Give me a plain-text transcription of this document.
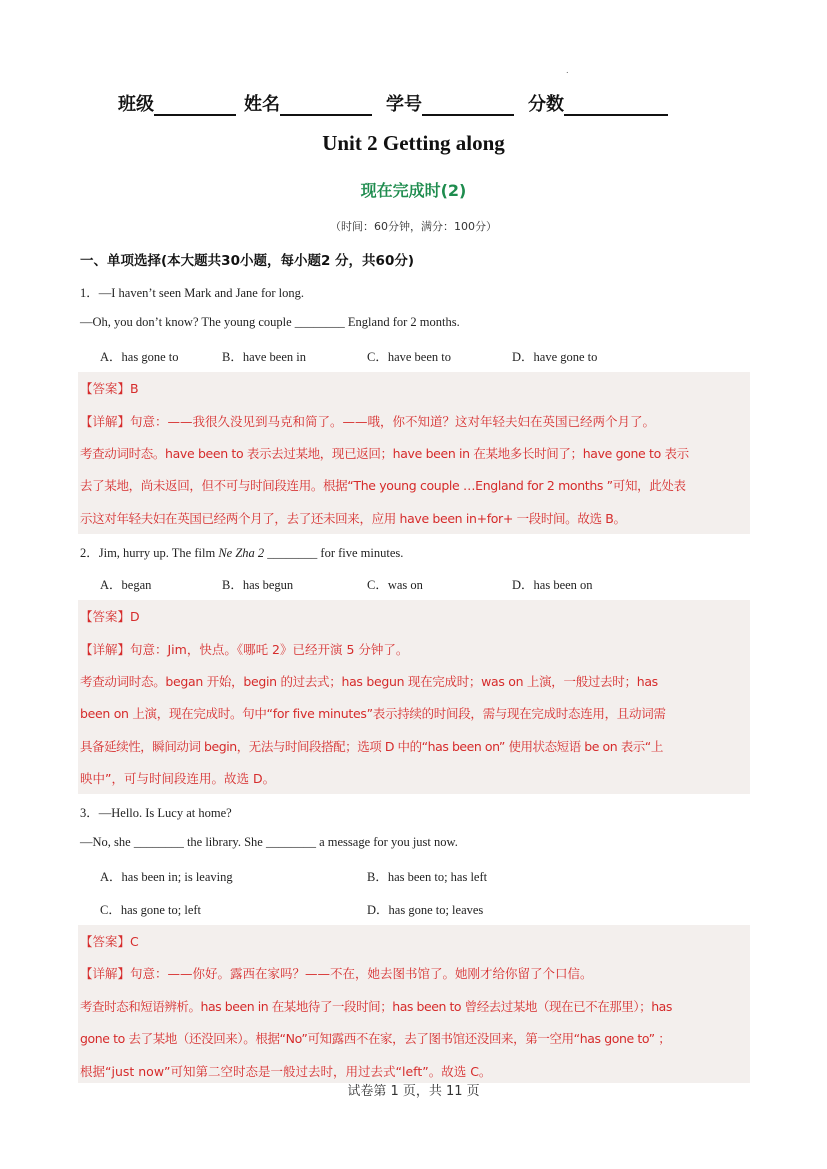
.
班级	姓名	学号	分数
Unit 2 Getting along
现在完成时(2)
（时间：60分钟，满分：100分）
一、单项选择(本大题共30小题，每小题2 分，共60分)
1．—I haven’t seen Mark and Jane for long.
—Oh, you don’t know? The young couple ________ England for 2 months.
A．has gone to	B．have been in	C．have been to	D．have gone to
【答案】B
【详解】句意：——我很久没见到马克和简了。——哦，你不知道？这对年轻夫妇在英国已经两个月了。
考查动词时态。have been to 表示去过某地，现已返回；have been in 在某地多长时间了；have gone to 表示
去了某地，尚未返回，但不可与时间段连用。根据“The young couple …England for 2 months ”可知，此处表
示这对年轻夫妇在英国已经两个月了，去了还未回来，应用 have been in+for+ 一段时间。故选 B。
2．Jim, hurry up. The film Ne Zha 2 ________ for five minutes.
A．began	B．has begun	C．was on	D．has been on
【答案】D
【详解】句意：Jim，快点。《哪吒 2》已经开演 5 分钟了。
考查动词时态。began 开始，begin 的过去式；has begun 现在完成时；was on 上演，一般过去时；has
been on 上演，现在完成时。句中“for five minutes”表示持续的时间段，需与现在完成时态连用，且动词需
具备延续性，瞬间动词 begin，无法与时间段搭配；选项 D 中的“has been on” 使用状态短语 be on 表示“上
映中”，可与时间段连用。故选 D。
3．—Hello. Is Lucy at home?
—No, she ________ the library. She ________ a message for you just now.
A．has been in; is leaving	B．has been to; has left
C．has gone to; left	D．has gone to; leaves
【答案】C
【详解】句意：——你好。露西在家吗？——不在，她去图书馆了。她刚才给你留了个口信。
考查时态和短语辨析。has been in 在某地待了一段时间；has been to 曾经去过某地（现在已不在那里）；has
gone to 去了某地（还没回来）。根据“No”可知露西不在家，去了图书馆还没回来，第一空用“has gone to” ；
根据“just now”可知第二空时态是一般过去时，用过去式“left”。故选 C。
试卷第 1 页，共 11 页
